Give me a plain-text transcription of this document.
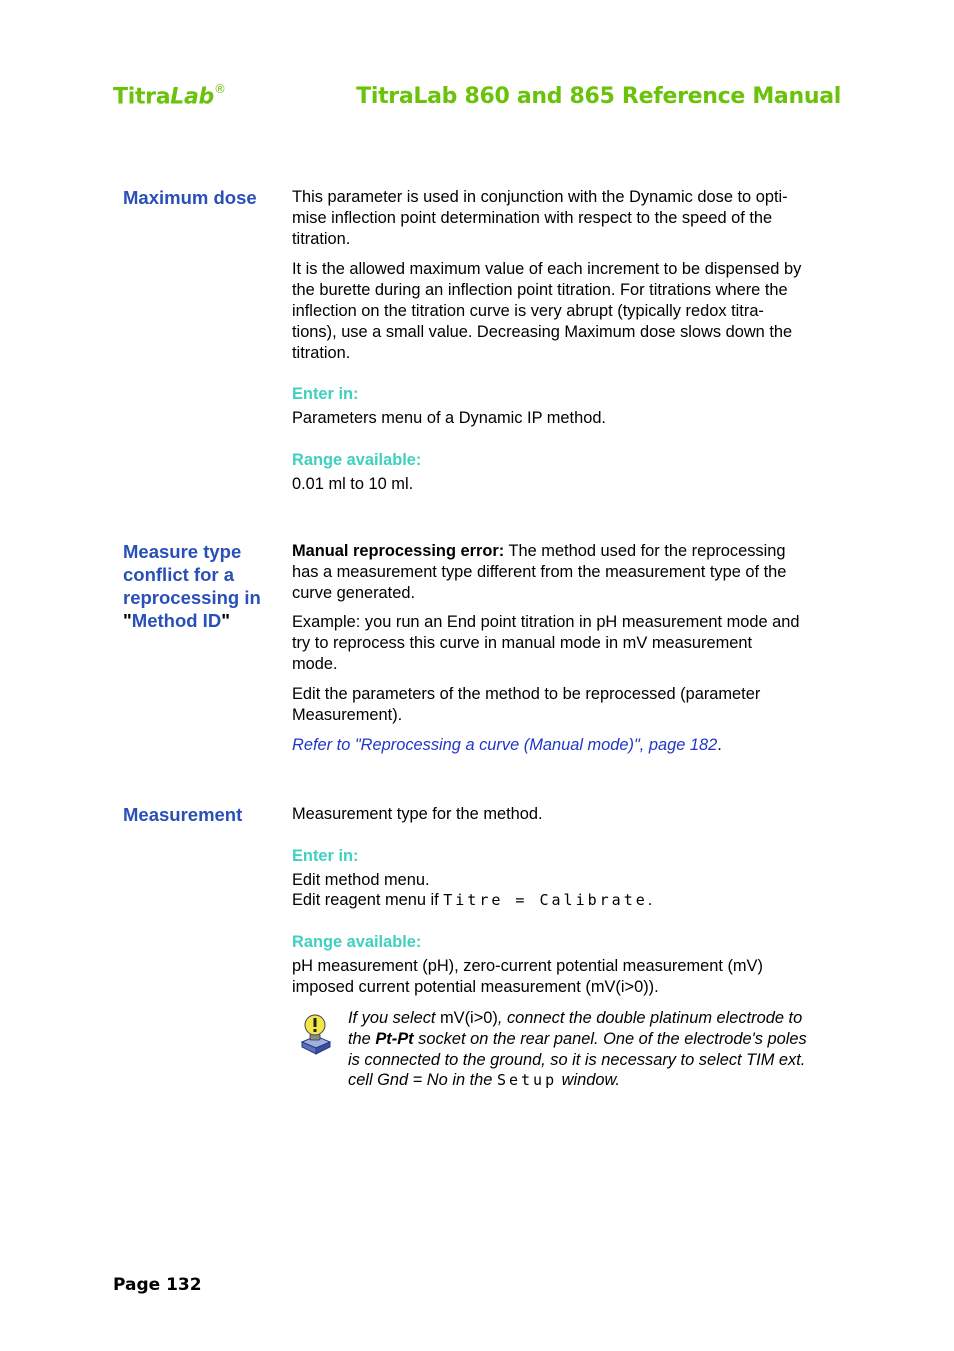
TitraLab®	TitraLab 860 and 865 Reference Manual
Maximum dose	This parameter is used in conjunction with the Dynamic dose to opti-
mise inflection point determination with respect to the speed of the
titration.

It is the allowed maximum value of each increment to be dispensed by
the burette during an inflection point titration. For titrations where the
inflection on the titration curve is very abrupt (typically redox titra-
tions), use a small value. Decreasing Maximum dose slows down the
titration.

Enter in:

Parameters menu of a Dynamic IP method.

Range available:

0.01 ml to 10 ml.

Measure type
conflict for a
reprocessing in
"Method ID"

Manual reprocessing error: The method used for the reprocessing
has a measurement type different from the measurement type of the
curve generated.

Example: you run an End point titration in pH measurement mode and
try to reprocess this curve in manual mode in mV measurement
mode.

Edit the parameters of the method to be reprocessed (parameter
Measurement).

Refer to "Reprocessing a curve (Manual mode)", page 182.

Measurement	Measurement type for the method.

Enter in:

Edit method menu.
Edit reagent menu if Titre = Calibrate.

Range available:

pH measurement (pH), zero-current potential measurement (mV)
imposed current potential measurement (mV(i>0)).

If you select mV(i>0), connect the double platinum electrode to
the Pt-Pt socket on the rear panel. One of the electrode's poles
is connected to the ground, so it is necessary to select TIM ext.
cell Gnd = No in the Setup window.
Page 132
